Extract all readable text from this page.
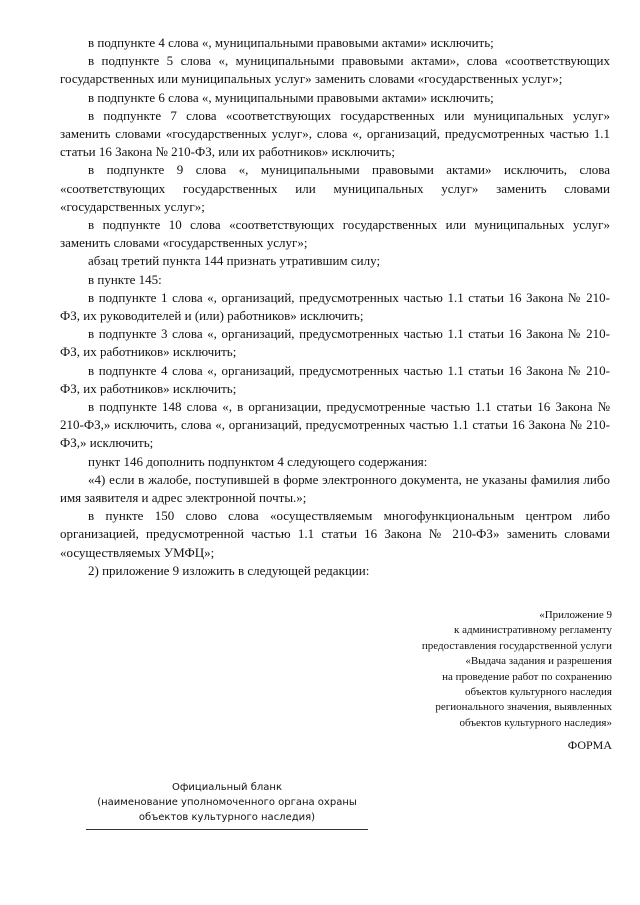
в подпункте 4 слова «, муниципальными правовыми актами» исключить;

в подпункте 5 слова «, муниципальными правовыми актами», слова «соответствующих государственных или муниципальных услуг» заменить словами «государственных услуг»;

в подпункте 6 слова «, муниципальными правовыми актами» исключить;

в подпункте 7 слова «соответствующих государственных или муниципальных услуг» заменить словами «государственных услуг», слова «, организаций, предусмотренных частью 1.1 статьи 16 Закона № 210-ФЗ, или их работников» исключить;

в подпункте 9 слова «, муниципальными правовыми актами» исключить, слова «соответствующих государственных или муниципальных услуг» заменить словами «государственных услуг»;

в подпункте 10 слова «соответствующих государственных или муниципальных услуг» заменить словами «государственных услуг»;

абзац третий пункта 144 признать утратившим силу;

в пункте 145:

в подпункте 1 слова «, организаций, предусмотренных частью 1.1 статьи 16 Закона № 210-ФЗ, их руководителей и (или) работников» исключить;

в подпункте 3 слова «, организаций, предусмотренных частью 1.1 статьи 16 Закона № 210-ФЗ, их работников» исключить;

в подпункте 4 слова «, организаций, предусмотренных частью 1.1 статьи 16 Закона № 210-ФЗ, их работников» исключить;

в подпункте 148 слова «, в организации, предусмотренные частью 1.1 статьи 16 Закона № 210-ФЗ,» исключить, слова «, организаций, предусмотренных частью 1.1 статьи 16 Закона № 210-ФЗ,» исключить;

пункт 146 дополнить подпунктом 4 следующего содержания:

«4) если в жалобе, поступившей в форме электронного документа, не указаны фамилия либо имя заявителя и адрес электронной почты.»;

в пункте 150 слово слова «осуществляемым многофункциональным центром либо организацией, предусмотренной частью 1.1 статьи 16 Закона № 210-ФЗ» заменить словами «осуществляемых УМФЦ»;

2) приложение 9 изложить в следующей редакции:

«Приложение 9
к административному регламенту
предоставления государственной услуги
«Выдача задания и разрешения
на проведение работ по сохранению
объектов культурного наследия
регионального значения, выявленных
объектов культурного наследия»
ФОРМА
Официальный бланк
(наименование уполномоченного органа охраны
объектов культурного наследия)
